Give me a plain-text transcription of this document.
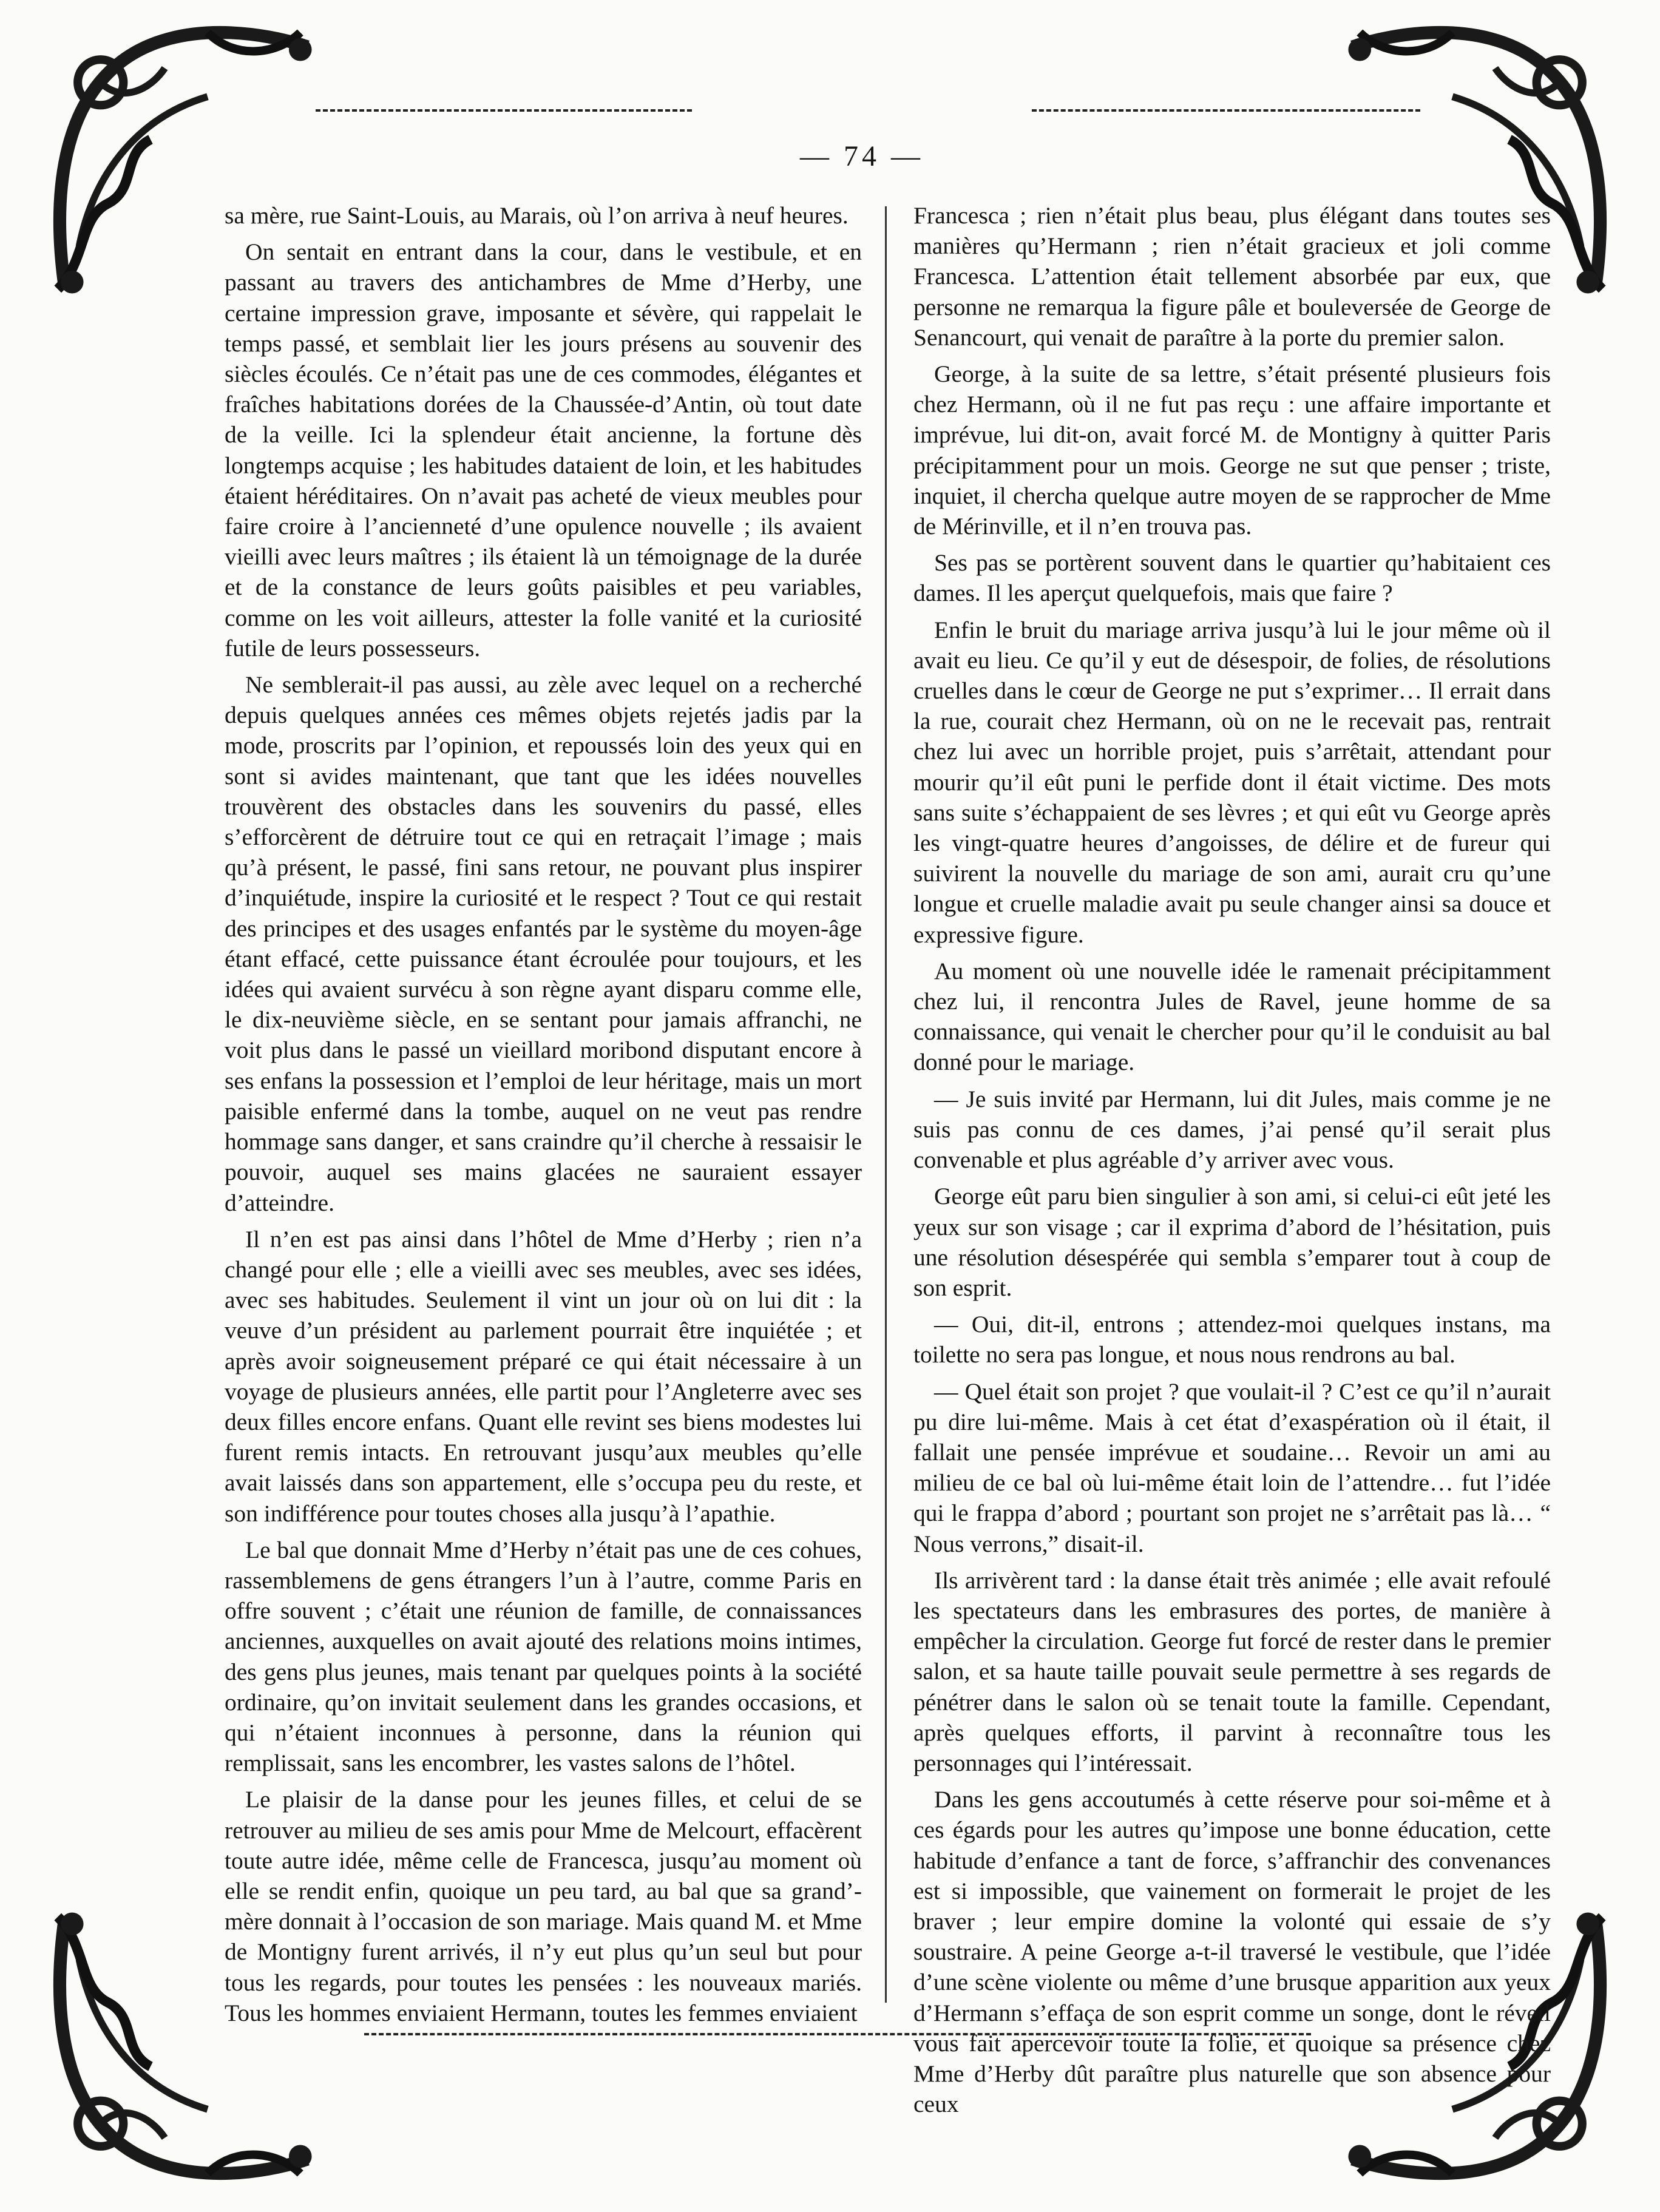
— 74 —

sa mère, rue Saint-Louis, au Marais, où l’on arriva à neuf heures.

On sentait en entrant dans la cour, dans le vestibule, et en passant au travers des antichambres de Mme d’Herby, une certaine impression grave, imposante et sévère, qui rappelait le temps passé, et semblait lier les jours présens au souvenir des siècles écoulés. Ce n’était pas une de ces commodes, élégantes et fraîches habitations dorées de la Chaussée-d’Antin, où tout date de la veille. Ici la splendeur était ancienne, la fortune dès longtemps acquise ; les habitudes dataient de loin, et les habitudes étaient héréditaires. On n’avait pas acheté de vieux meubles pour faire croire à l’ancienneté d’une opulence nouvelle ; ils avaient vieilli avec leurs maîtres ; ils étaient là un témoignage de la durée et de la constance de leurs goûts paisibles et peu variables, comme on les voit ailleurs, attester la folle vanité et la curiosité futile de leurs possesseurs.

Ne semblerait-il pas aussi, au zèle avec lequel on a recherché depuis quelques années ces mêmes objets rejetés jadis par la mode, proscrits par l’opinion, et repoussés loin des yeux qui en sont si avides maintenant, que tant que les idées nouvelles trouvèrent des obstacles dans les souvenirs du passé, elles s’efforcèrent de détruire tout ce qui en retraçait l’image ; mais qu’à présent, le passé, fini sans retour, ne pouvant plus inspirer d’inquiétude, inspire la curiosité et le respect ? Tout ce qui restait des principes et des usages enfantés par le système du moyen-âge étant effacé, cette puissance étant écroulée pour toujours, et les idées qui avaient survécu à son règne ayant disparu comme elle, le dix-neuvième siècle, en se sentant pour jamais affranchi, ne voit plus dans le passé un vieillard moribond disputant encore à ses enfans la possession et l’emploi de leur héritage, mais un mort paisible enfermé dans la tombe, auquel on ne veut pas rendre hommage sans danger, et sans craindre qu’il cherche à ressaisir le pouvoir, auquel ses mains glacées ne sauraient essayer d’atteindre.

Il n’en est pas ainsi dans l’hôtel de Mme d’Herby ; rien n’a changé pour elle ; elle a vieilli avec ses meubles, avec ses idées, avec ses habitudes. Seulement il vint un jour où on lui dit : la veuve d’un président au parlement pourrait être inquiétée ; et après avoir soigneusement préparé ce qui était nécessaire à un voyage de plusieurs années, elle partit pour l’Angleterre avec ses deux filles encore enfans. Quant elle revint ses biens modestes lui furent remis intacts. En retrouvant jusqu’aux meubles qu’elle avait laissés dans son appartement, elle s’occupa peu du reste, et son indifférence pour toutes choses alla jusqu’à l’apathie.

Le bal que donnait Mme d’Herby n’était pas une de ces cohues, rassemblemens de gens étrangers l’un à l’autre, comme Paris en offre souvent ; c’était une réunion de famille, de connaissances anciennes, auxquelles on avait ajouté des relations moins intimes, des gens plus jeunes, mais tenant par quelques points à la société ordinaire, qu’on invitait seulement dans les grandes occasions, et qui n’étaient inconnues à personne, dans la réunion qui remplissait, sans les encombrer, les vastes salons de l’hôtel.

Le plaisir de la danse pour les jeunes filles, et celui de se retrouver au milieu de ses amis pour Mme de Melcourt, effacèrent toute autre idée, même celle de Francesca, jusqu’au moment où elle se rendit enfin, quoique un peu tard, au bal que sa grand’-mère donnait à l’occasion de son mariage. Mais quand M. et Mme de Montigny furent arrivés, il n’y eut plus qu’un seul but pour tous les regards, pour toutes les pensées : les nouveaux mariés. Tous les hommes enviaient Hermann, toutes les femmes enviaient

Francesca ; rien n’était plus beau, plus élégant dans toutes ses manières qu’Hermann ; rien n’était gracieux et joli comme Francesca. L’attention était tellement absorbée par eux, que personne ne remarqua la figure pâle et bouleversée de George de Senancourt, qui venait de paraître à la porte du premier salon.

George, à la suite de sa lettre, s’était présenté plusieurs fois chez Hermann, où il ne fut pas reçu : une affaire importante et imprévue, lui dit-on, avait forcé M. de Montigny à quitter Paris précipitamment pour un mois. George ne sut que penser ; triste, inquiet, il chercha quelque autre moyen de se rapprocher de Mme de Mérinville, et il n’en trouva pas.

Ses pas se portèrent souvent dans le quartier qu’habitaient ces dames. Il les aperçut quelquefois, mais que faire ?

Enfin le bruit du mariage arriva jusqu’à lui le jour même où il avait eu lieu. Ce qu’il y eut de désespoir, de folies, de résolutions cruelles dans le cœur de George ne put s’exprimer… Il errait dans la rue, courait chez Hermann, où on ne le recevait pas, rentrait chez lui avec un horrible projet, puis s’arrêtait, attendant pour mourir qu’il eût puni le perfide dont il était victime. Des mots sans suite s’échappaient de ses lèvres ; et qui eût vu George après les vingt-quatre heures d’angoisses, de délire et de fureur qui suivirent la nouvelle du mariage de son ami, aurait cru qu’une longue et cruelle maladie avait pu seule changer ainsi sa douce et expressive figure.

Au moment où une nouvelle idée le ramenait précipitamment chez lui, il rencontra Jules de Ravel, jeune homme de sa connaissance, qui venait le chercher pour qu’il le conduisit au bal donné pour le mariage.

— Je suis invité par Hermann, lui dit Jules, mais comme je ne suis pas connu de ces dames, j’ai pensé qu’il serait plus convenable et plus agréable d’y arriver avec vous.

George eût paru bien singulier à son ami, si celui-ci eût jeté les yeux sur son visage ; car il exprima d’abord de l’hésitation, puis une résolution désespérée qui sembla s’emparer tout à coup de son esprit.

— Oui, dit-il, entrons ; attendez-moi quelques instans, ma toilette no sera pas longue, et nous nous rendrons au bal.

— Quel était son projet ? que voulait-il ? C’est ce qu’il n’aurait pu dire lui-même. Mais à cet état d’exaspération où il était, il fallait une pensée imprévue et soudaine… Revoir un ami au milieu de ce bal où lui-même était loin de l’attendre… fut l’idée qui le frappa d’abord ; pourtant son projet ne s’arrêtait pas là… “ Nous verrons,” disait-il.

Ils arrivèrent tard : la danse était très animée ; elle avait refoulé les spectateurs dans les embrasures des portes, de manière à empêcher la circulation. George fut forcé de rester dans le premier salon, et sa haute taille pouvait seule permettre à ses regards de pénétrer dans le salon où se tenait toute la famille. Cependant, après quelques efforts, il parvint à reconnaître tous les personnages qui l’intéressait.

Dans les gens accoutumés à cette réserve pour soi-même et à ces égards pour les autres qu’impose une bonne éducation, cette habitude d’enfance a tant de force, s’affranchir des convenances est si impossible, que vainement on formerait le projet de les braver ; leur empire domine la volonté qui essaie de s’y soustraire. A peine George a-t-il traversé le vestibule, que l’idée d’une scène violente ou même d’une brusque apparition aux yeux d’Hermann s’effaça de son esprit comme un songe, dont le réveil vous fait apercevoir toute la folie, et quoique sa présence chez Mme d’Herby dût paraître plus naturelle que son absence pour ceux
